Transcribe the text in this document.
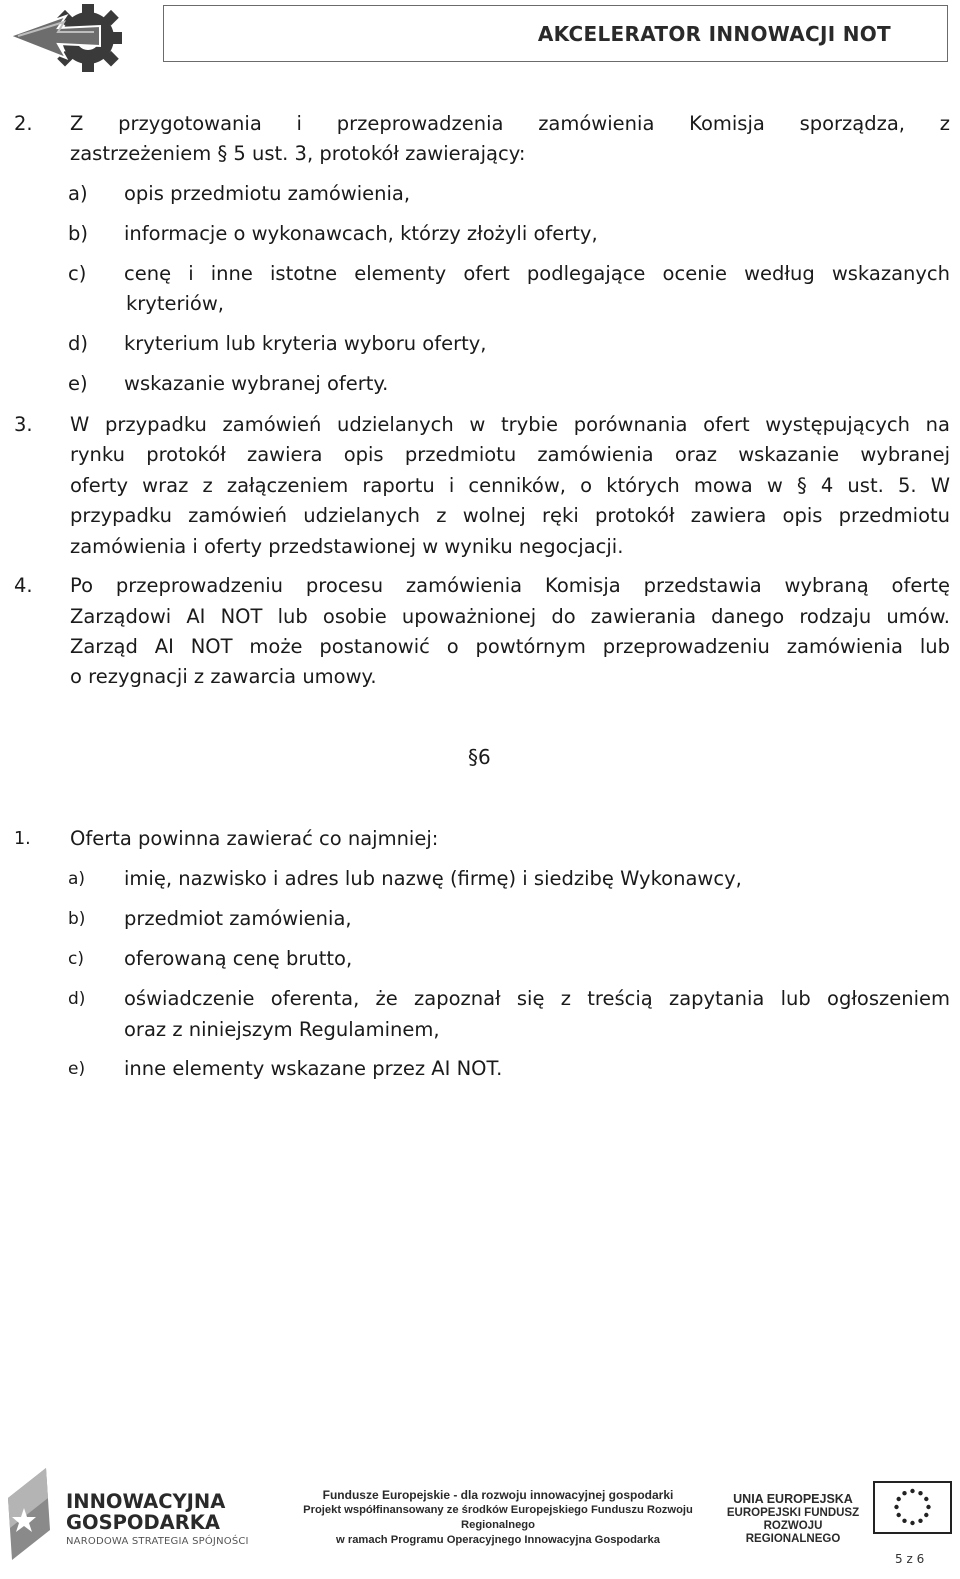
AKCELERATOR INNOWACJI NOT
2. Z przygotowania i przeprowadzenia zamówienia Komisja sporządza, z
zastrzeżeniem § 5 ust. 3, protokół zawierający:
a) opis przedmiotu zamówienia,
b) informacje o wykonawcach, którzy złożyli oferty,
c) cenę i inne istotne elementy ofert podlegające ocenie według wskazanych
kryteriów,
d) kryterium lub kryteria wyboru oferty,
e) wskazanie wybranej oferty.
3. W przypadku zamówień udzielanych w trybie porównania ofert występujących na
rynku protokół zawiera opis przedmiotu zamówienia oraz wskazanie wybranej
oferty wraz z załączeniem raportu i cenników, o których mowa w § 4 ust. 5. W
przypadku zamówień udzielanych z wolnej ręki protokół zawiera opis przedmiotu
zamówienia i oferty przedstawionej w wyniku negocjacji.
4. Po przeprowadzeniu procesu zamówienia Komisja przedstawia wybraną ofertę
Zarządowi AI NOT lub osobie upoważnionej do zawierania danego rodzaju umów.
Zarząd AI NOT może postanowić o powtórnym przeprowadzeniu zamówienia lub
o rezygnacji z zawarcia umowy.
§6
1. Oferta powinna zawierać co najmniej:
a) imię, nazwisko i adres lub nazwę (firmę) i siedzibę Wykonawcy,
b) przedmiot zamówienia,
c) oferowaną cenę brutto,
d) oświadczenie oferenta, że zapoznał się z treścią zapytania lub ogłoszeniem
oraz z niniejszym Regulaminem,
e) inne elementy wskazane przez AI NOT.
INNOWACYJNA
GOSPODARKA
NARODOWA STRATEGIA SPÓJNOŚCI
Fundusze Europejskie - dla rozwoju innowacyjnej gospodarki
Projekt współfinansowany ze środków Europejskiego Funduszu Rozwoju Regionalnego
w ramach Programu Operacyjnego Innowacyjna Gospodarka
UNIA EUROPEJSKA
EUROPEJSKI FUNDUSZ
ROZWOJU REGIONALNEGO
5 z 6
